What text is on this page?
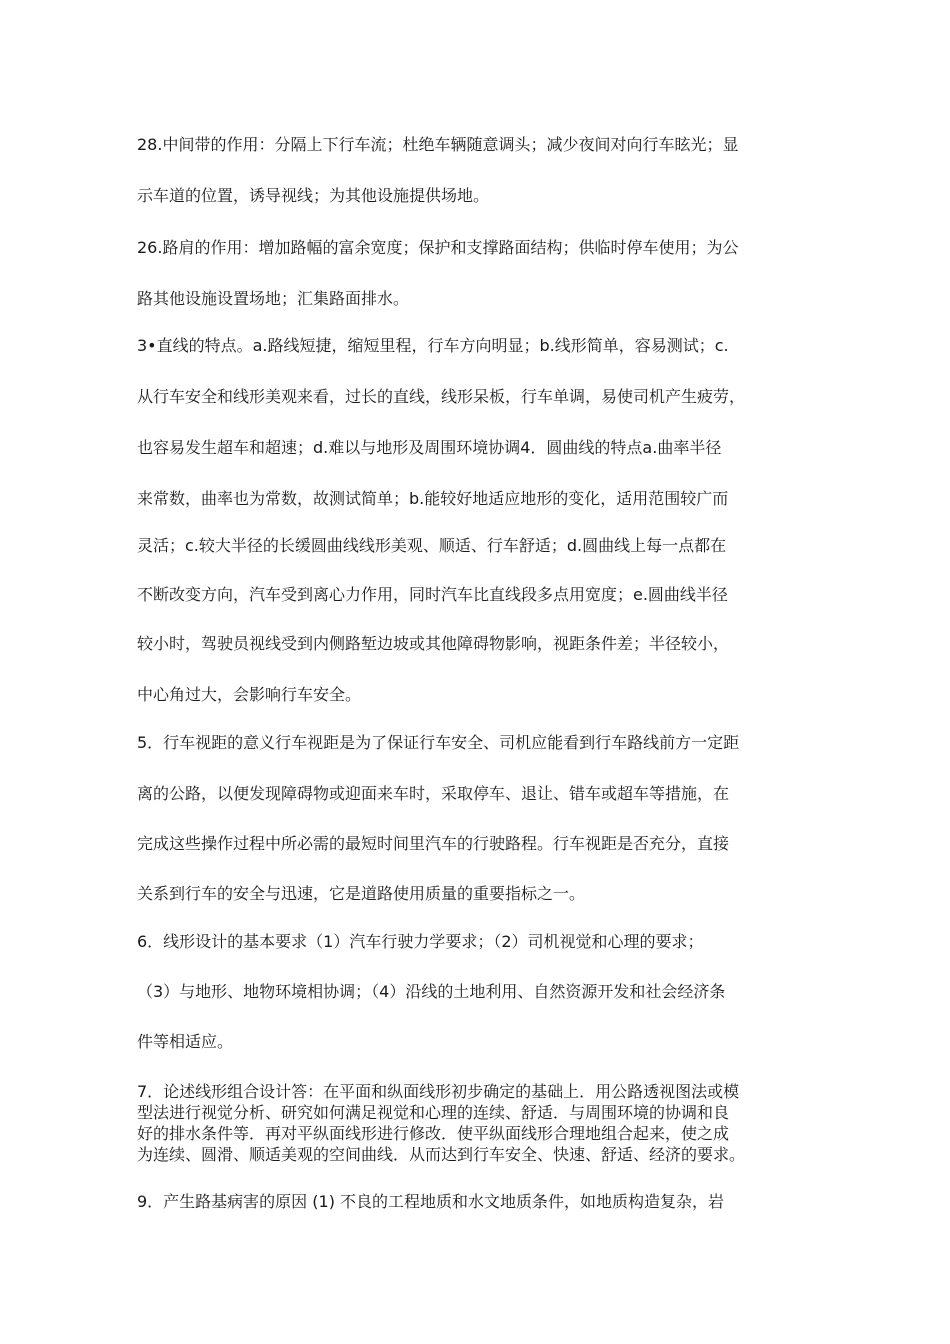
28.中间带的作用：分隔上下行车流；杜绝车辆随意调头；减少夜间对向行车眩光；显
示车道的位置，诱导视线；为其他设施提供场地。
26.路肩的作用：增加路幅的富余宽度；保护和支撑路面结构；供临时停车使用；为公
路其他设施设置场地；汇集路面排水。
3•直线的特点。a.路线短捷，缩短里程，行车方向明显；b.线形简单，容易测试；c.
从行车安全和线形美观来看，过长的直线，线形呆板，行车单调，易使司机产生疲劳，
也容易发生超车和超速；d.难以与地形及周围环境协调4．圆曲线的特点a.曲率半径
来常数，曲率也为常数，故测试简单；b.能较好地适应地形的变化，适用范围较广而
灵活；c.较大半径的长缓圆曲线线形美观、顺适、行车舒适；d.圆曲线上每一点都在
不断改变方向，汽车受到离心力作用，同时汽车比直线段多点用宽度；e.圆曲线半径
较小时，驾驶员视线受到内侧路堑边坡或其他障碍物影响，视距条件差；半径较小，
中心角过大，会影响行车安全。
5．行车视距的意义行车视距是为了保证行车安全、司机应能看到行车路线前方一定距
离的公路，以便发现障碍物或迎面来车时，采取停车、退让、错车或超车等措施，在
完成这些操作过程中所必需的最短时间里汽车的行驶路程。行车视距是否充分，直接
关系到行车的安全与迅速，它是道路使用质量的重要指标之一。
6．线形设计的基本要求（1）汽车行驶力学要求；（2）司机视觉和心理的要求；
（3）与地形、地物环境相协调；（4）沿线的土地利用、自然资源开发和社会经济条
件等相适应。
7．论述线形组合设计答：在平面和纵面线形初步确定的基础上．用公路透视图法或模
型法进行视觉分析、研究如何满足视觉和心理的连续、舒适．与周围环境的协调和良
好的排水条件等．再对平纵面线形进行修改．使平纵面线形合理地组合起来，使之成
为连续、圆滑、顺适美观的空间曲线．从而达到行车安全、快速、舒适、经济的要求。
9．产生路基病害的原因 (1) 不良的工程地质和水文地质条件，如地质构造复杂，岩
